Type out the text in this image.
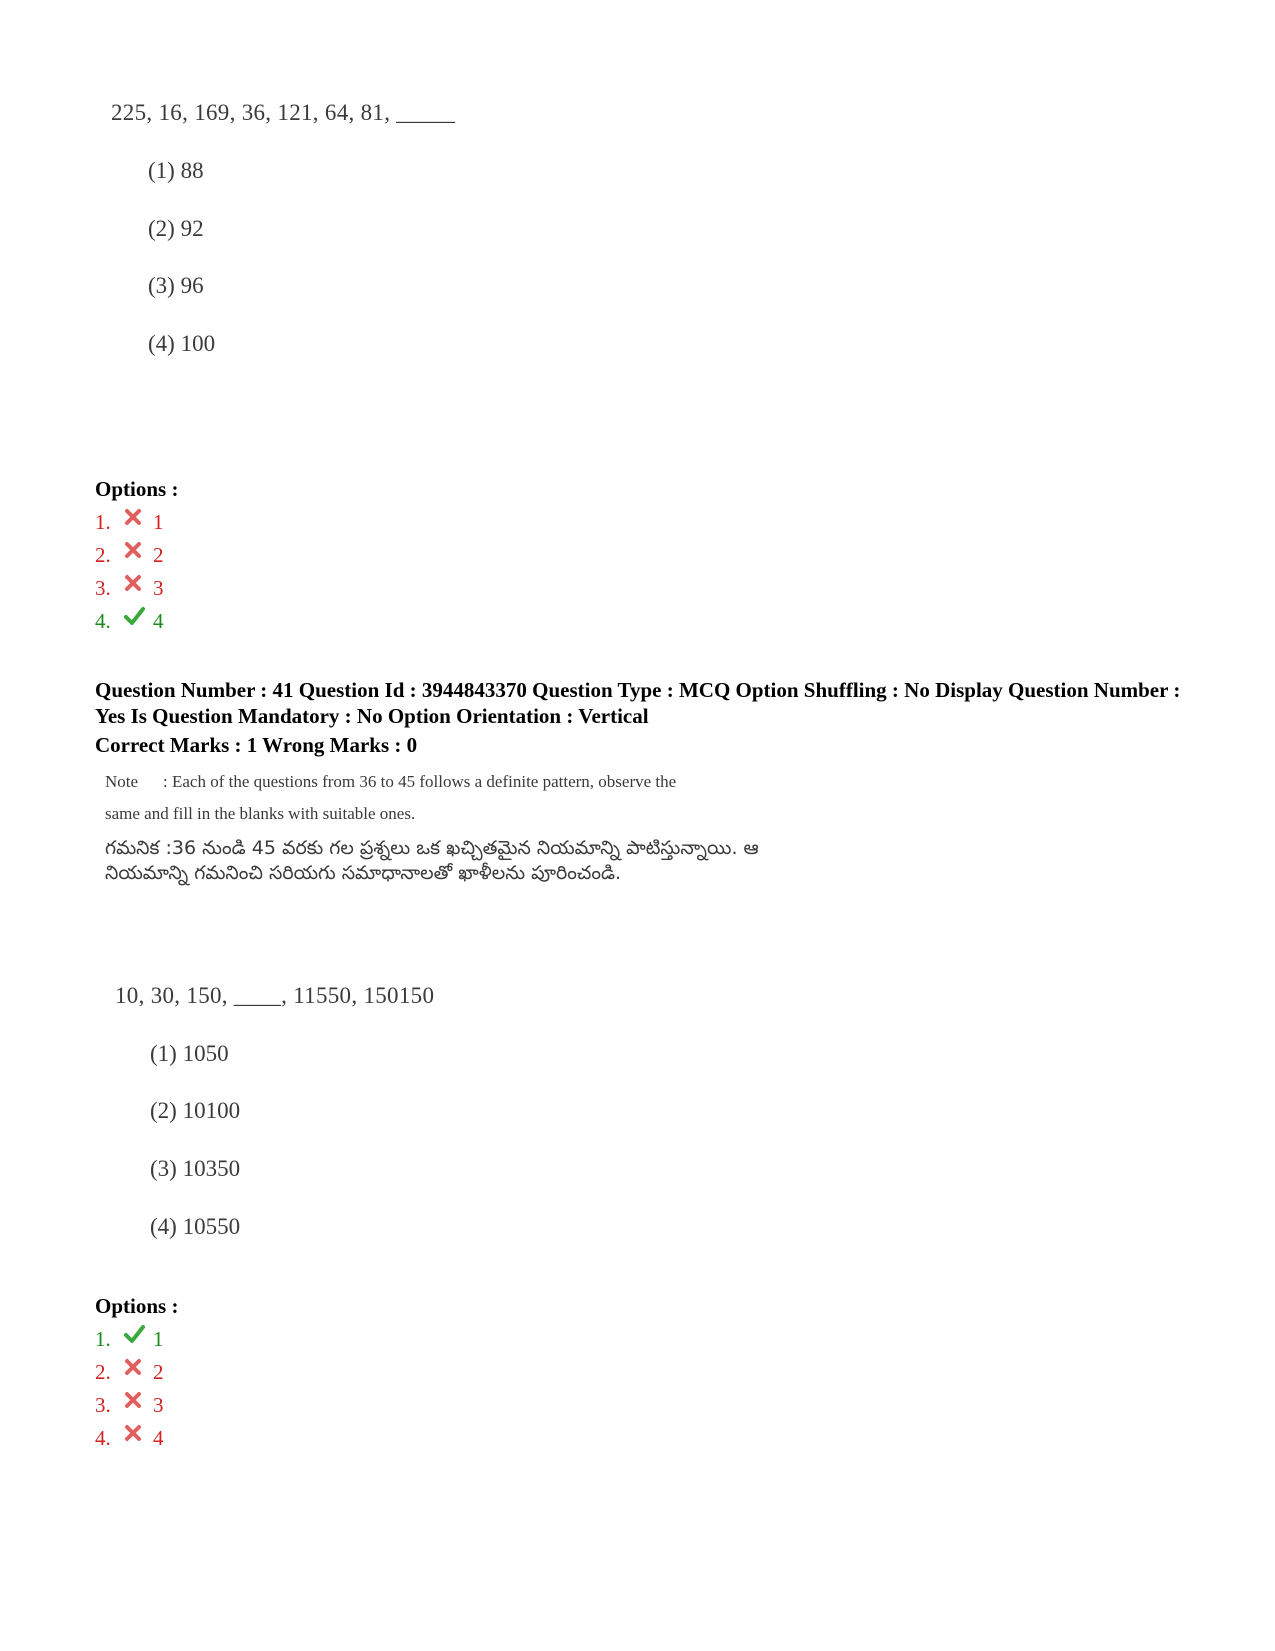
225, 16, 169, 36, 121, 64, 81, _____
(1) 88
(2) 92
(3) 96
(4) 100
Options :
1.	1
2.	2
3.	3
4.	4
Question Number : 41 Question Id : 3944843370 Question Type : MCQ Option Shuffling : No Display Question Number : Yes Is Question Mandatory : No Option Orientation : Vertical
Correct Marks : 1 Wrong Marks : 0
Note : Each of the questions from 36 to 45 follows a definite pattern, observe the
same and fill in the blanks with suitable ones.
గమనిక :36 నుండి 45 వరకు గల ప్రశ్నలు ఒక ఖచ్చితమైన నియమాన్ని పాటిస్తున్నాయి. ఆ నియమాన్ని గమనించి సరియగు సమాధానాలతో ఖాళీలను పూరించండి.
10, 30, 150, ____, 11550, 150150
(1) 1050
(2) 10100
(3) 10350
(4) 10550
Options :
1.	1
2.	2
3.	3
4.	4
